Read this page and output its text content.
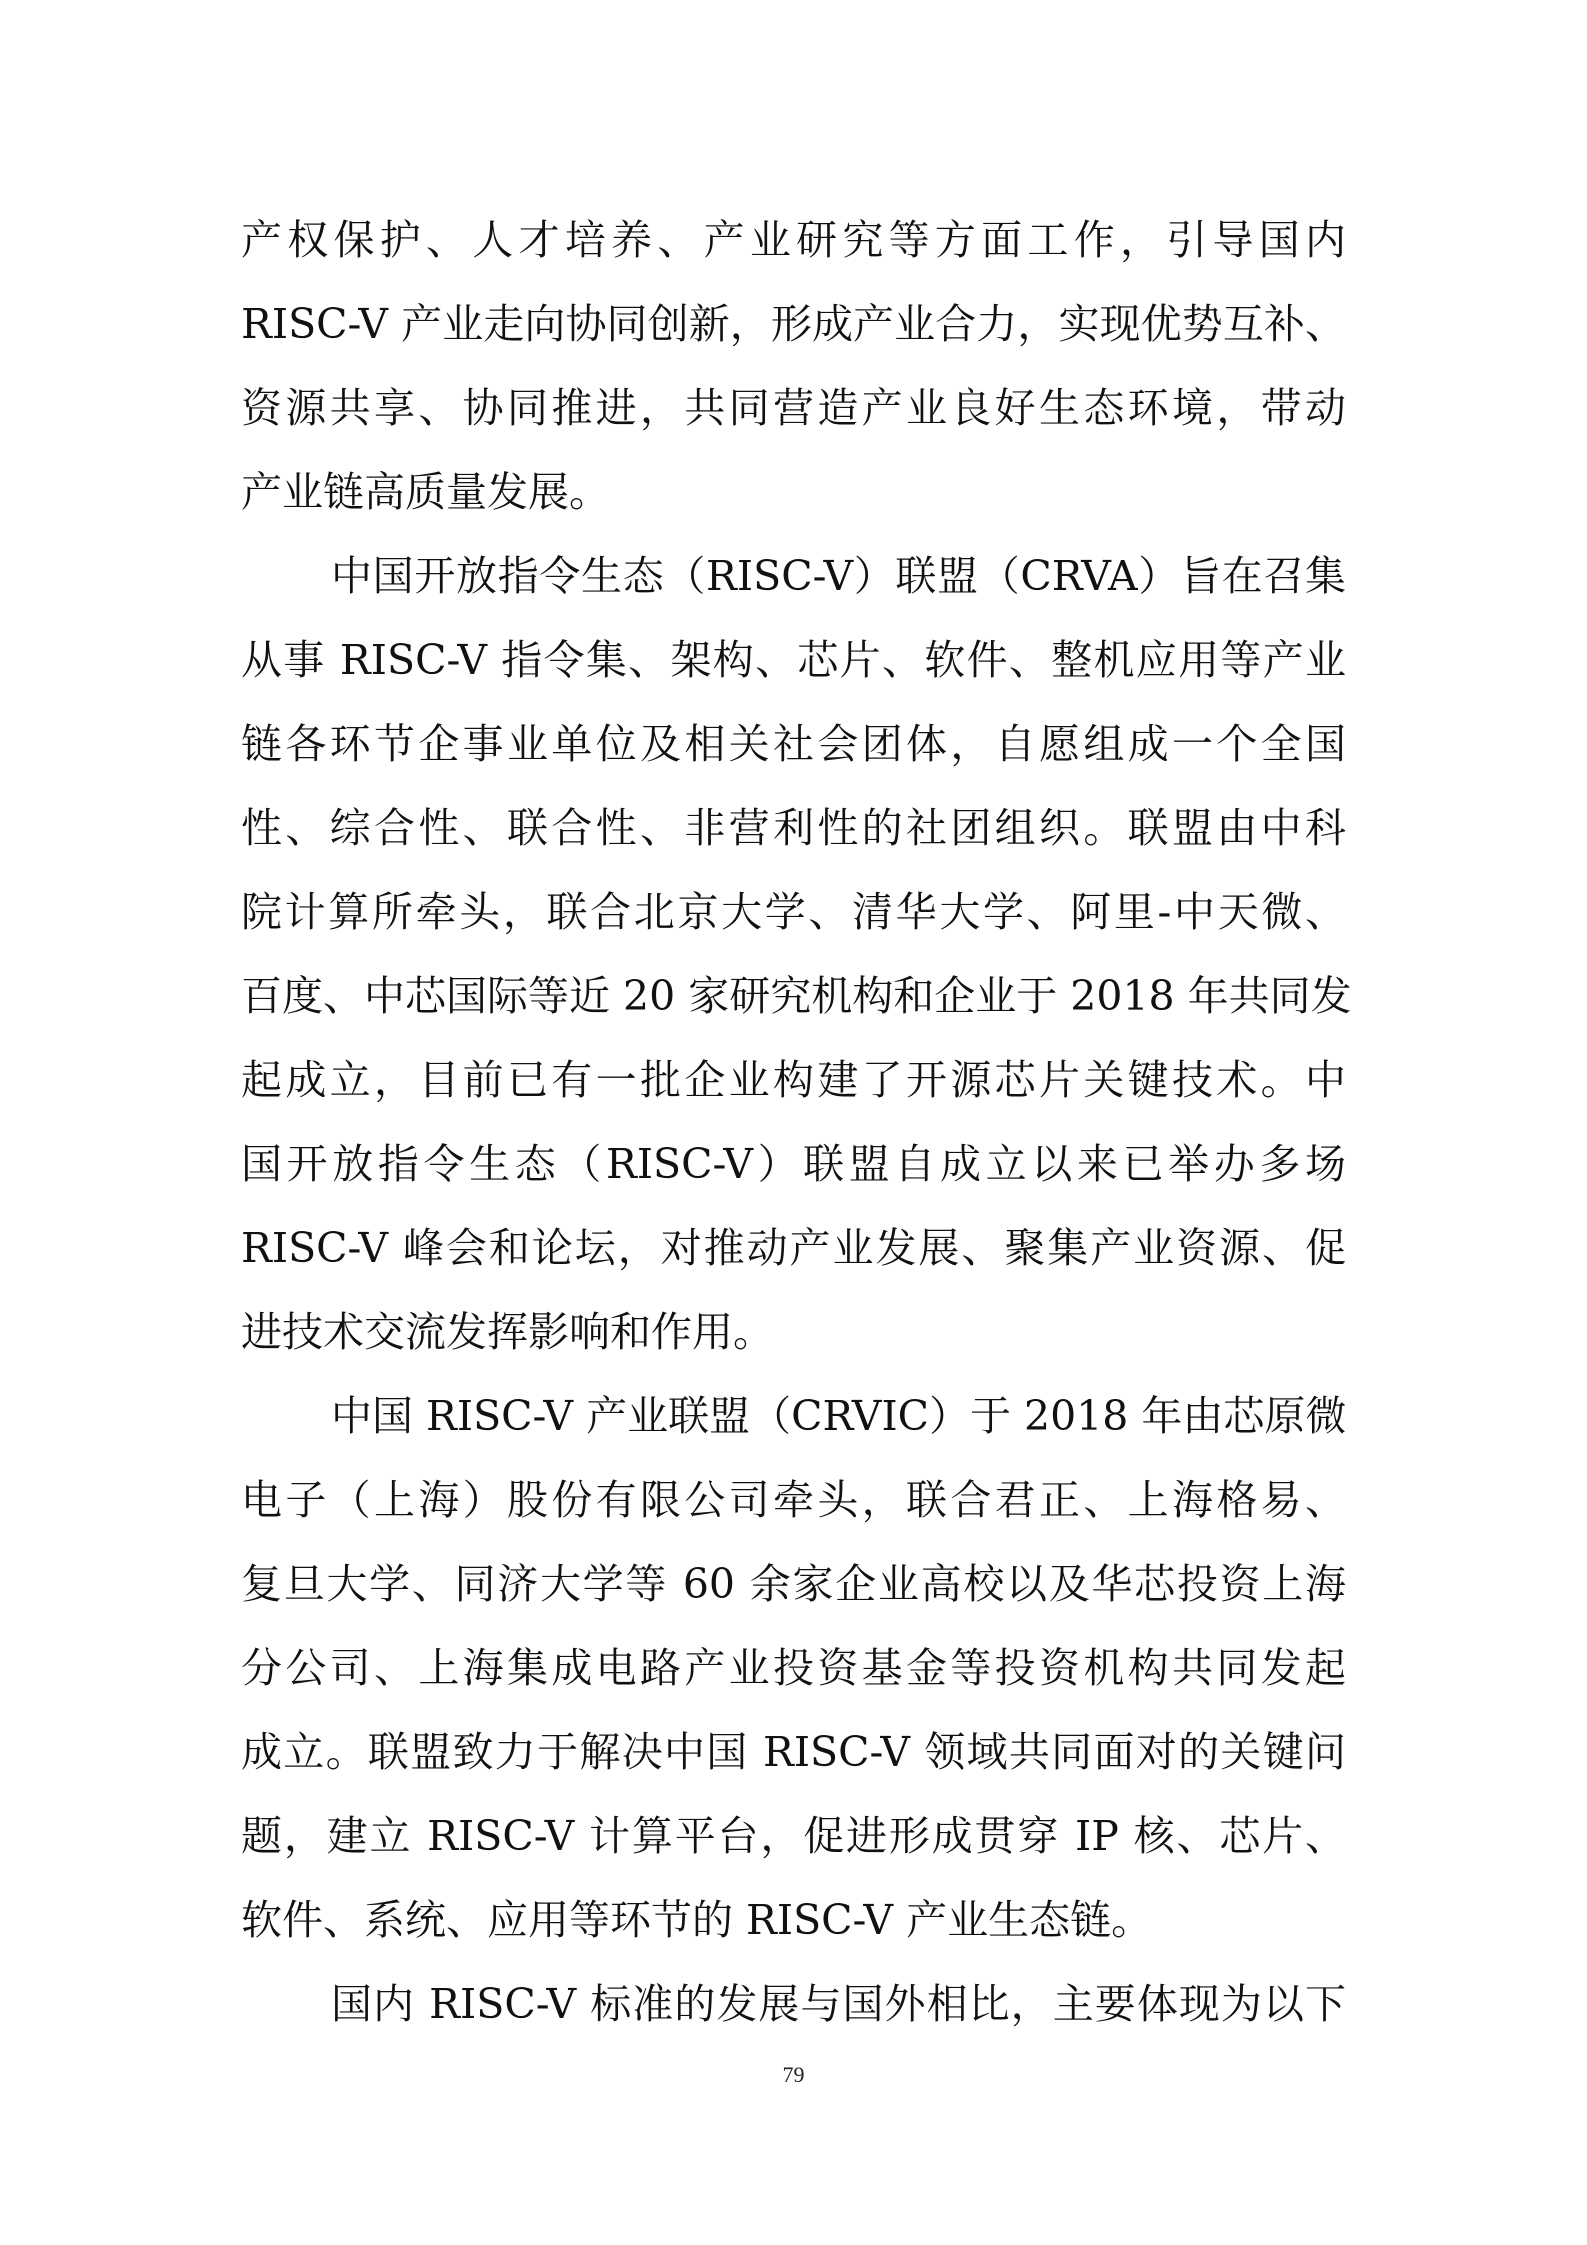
产权保护、人才培养、产业研究等方面工作，引导国内
RISC-V 产业走向协同创新，形成产业合力，实现优势互补、
资源共享、协同推进，共同营造产业良好生态环境，带动
产业链高质量发展。
中国开放指令生态（RISC-V）联盟（CRVA）旨在召集
从事 RISC-V 指令集、架构、芯片、软件、整机应用等产业
链各环节企事业单位及相关社会团体，自愿组成一个全国
性、综合性、联合性、非营利性的社团组织。联盟由中科
院计算所牵头，联合北京大学、清华大学、阿里-中天微、
百度、中芯国际等近 20 家研究机构和企业于 2018 年共同发
起成立，目前已有一批企业构建了开源芯片关键技术。中
国开放指令生态（RISC-V）联盟自成立以来已举办多场
RISC-V 峰会和论坛，对推动产业发展、聚集产业资源、促
进技术交流发挥影响和作用。
中国 RISC-V 产业联盟（CRVIC）于 2018 年由芯原微
电子（上海）股份有限公司牵头，联合君正、上海格易、
复旦大学、同济大学等 60 余家企业高校以及华芯投资上海
分公司、上海集成电路产业投资基金等投资机构共同发起
成立。联盟致力于解决中国 RISC-V 领域共同面对的关键问
题，建立 RISC-V 计算平台，促进形成贯穿 IP 核、芯片、
软件、系统、应用等环节的 RISC-V 产业生态链。
国内 RISC-V 标准的发展与国外相比，主要体现为以下
79
